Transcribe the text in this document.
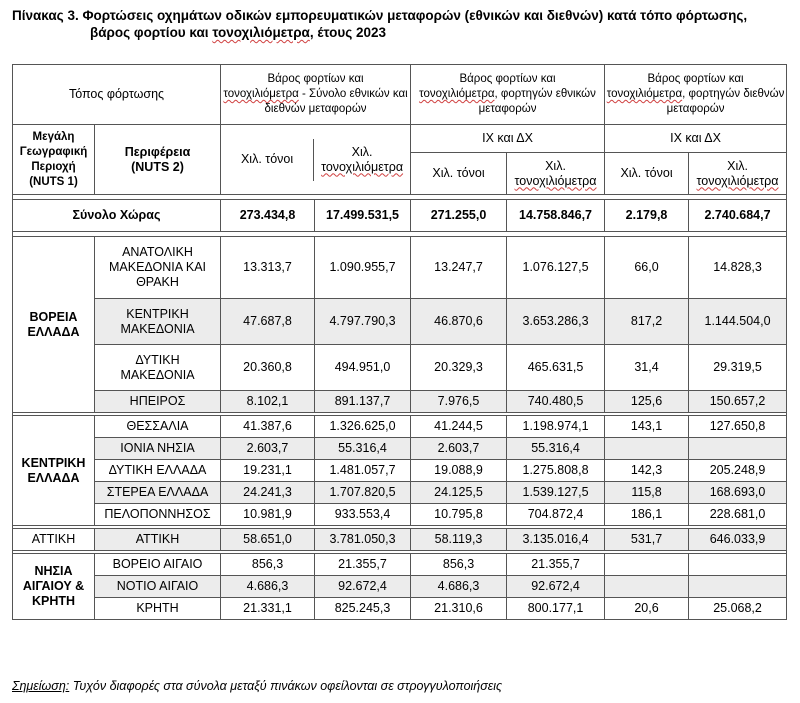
Πίνακας 3. Φορτώσεις οχημάτων οδικών εμπορευματικών μεταφορών (εθνικών και διεθνών) κατά τόπο φόρτωσης,
βάρος φορτίου και τονοχιλιόμετρα, έτους 2023
Τόπος φόρτωσης	Βάρος φορτίων και
τονοχιλιόμετρα - Σύνολο εθνικών και διεθνών μεταφορών	Βάρος φορτίων και
τονοχιλιόμετρα, φορτηγών εθνικών μεταφορών	Βάρος φορτίων και
τονοχιλιόμετρα, φορτηγών διεθνών μεταφορών
Μεγάλη Γεωγραφική Περιοχή (NUTS 1)	Περιφέρεια
(NUTS 2)	
Χιλ. τόνοι	Χιλ.
τονοχιλιόμετρα
	ΙΧ και ΔΧ	ΙΧ και ΔΧ
Χιλ. τόνοι	Χιλ.
τονοχιλιόμετρα	Χιλ. τόνοι	Χιλ.
τονοχιλιόμετρα

Σύνολο Χώρας	273.434,8	17.499.531,5	271.255,0	14.758.846,7	2.179,8	2.740.684,7

ΒΟΡΕΙΑ ΕΛΛΑΔΑ	ΑΝΑΤΟΛΙΚΗ ΜΑΚΕΔΟΝΙΑ ΚΑΙ ΘΡΑΚΗ	13.313,7	1.090.955,7	13.247,7	1.076.127,5	66,0	14.828,3
ΚΕΝΤΡΙΚΗ ΜΑΚΕΔΟΝΙΑ	47.687,8	4.797.790,3	46.870,6	3.653.286,3	817,2	1.144.504,0
ΔΥΤΙΚΗ ΜΑΚΕΔΟΝΙΑ	20.360,8	494.951,0	20.329,3	465.631,5	31,4	29.319,5
ΗΠΕΙΡΟΣ	8.102,1	891.137,7	7.976,5	740.480,5	125,6	150.657,2

ΚΕΝΤΡΙΚΗ ΕΛΛΑΔΑ	ΘΕΣΣΑΛΙΑ	41.387,6	1.326.625,0	41.244,5	1.198.974,1	143,1	127.650,8
ΙΟΝΙΑ ΝΗΣΙΑ	2.603,7	55.316,4	2.603,7	55.316,4		
ΔΥΤΙΚΗ ΕΛΛΑΔΑ	19.231,1	1.481.057,7	19.088,9	1.275.808,8	142,3	205.248,9
ΣΤΕΡΕΑ ΕΛΛΑΔΑ	24.241,3	1.707.820,5	24.125,5	1.539.127,5	115,8	168.693,0
ΠΕΛΟΠΟΝΝΗΣΟΣ	10.981,9	933.553,4	10.795,8	704.872,4	186,1	228.681,0

ΑΤΤΙΚΗ	ΑΤΤΙΚΗ	58.651,0	3.781.050,3	58.119,3	3.135.016,4	531,7	646.033,9

ΝΗΣΙΑ ΑΙΓΑΙΟΥ & ΚΡΗΤΗ	ΒΟΡΕΙΟ ΑΙΓΑΙΟ	856,3	21.355,7	856,3	21.355,7		
ΝΟΤΙΟ ΑΙΓΑΙΟ	4.686,3	92.672,4	4.686,3	92.672,4		
ΚΡΗΤΗ	21.331,1	825.245,3	21.310,6	800.177,1	20,6	25.068,2
Σημείωση: Τυχόν διαφορές στα σύνολα μεταξύ πινάκων οφείλονται σε στρογγυλοποιήσεις
